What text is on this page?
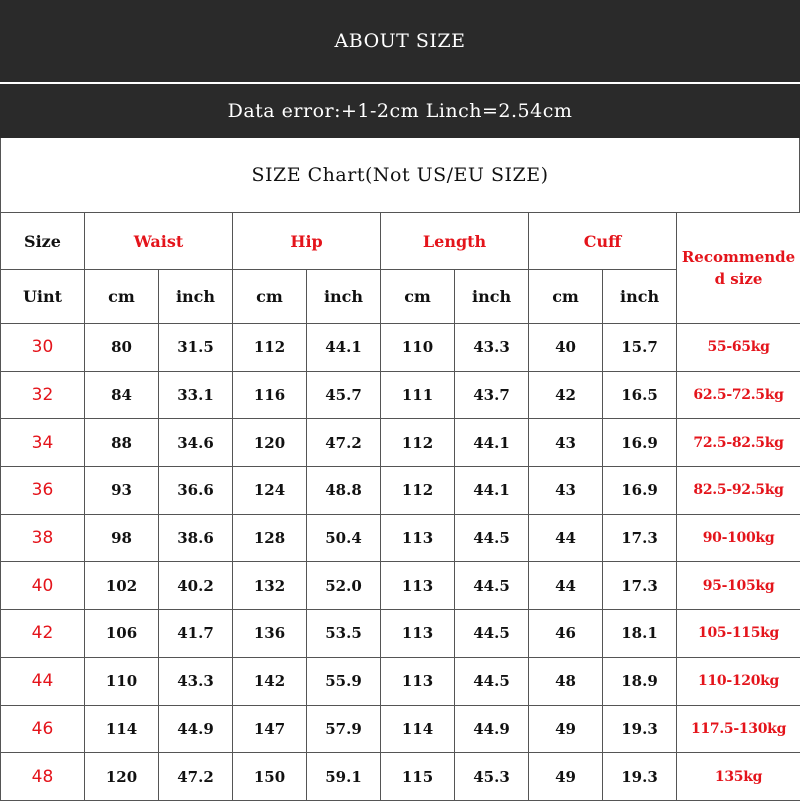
ABOUT SIZE
Data error:+1-2cm Linch=2.54cm
SIZE Chart(Not US/EU SIZE)
Size	Waist		Hip		Length		Cuff		Recommended size
Uint	cm	inch	cm	inch	cm	inch	cm	inch	
30	80	31.5	112	44.1	110	43.3	40	15.7	55-65kg
32	84	33.1	116	45.7	111	43.7	42	16.5	62.5-72.5kg
34	88	34.6	120	47.2	112	44.1	43	16.9	72.5-82.5kg
36	93	36.6	124	48.8	112	44.1	43	16.9	82.5-92.5kg
38	98	38.6	128	50.4	113	44.5	44	17.3	90-100kg
40	102	40.2	132	52.0	113	44.5	44	17.3	95-105kg
42	106	41.7	136	53.5	113	44.5	46	18.1	105-115kg
44	110	43.3	142	55.9	113	44.5	48	18.9	110-120kg
46	114	44.9	147	57.9	114	44.9	49	19.3	117.5-130kg
48	120	47.2	150	59.1	115	45.3	49	19.3	135kg
